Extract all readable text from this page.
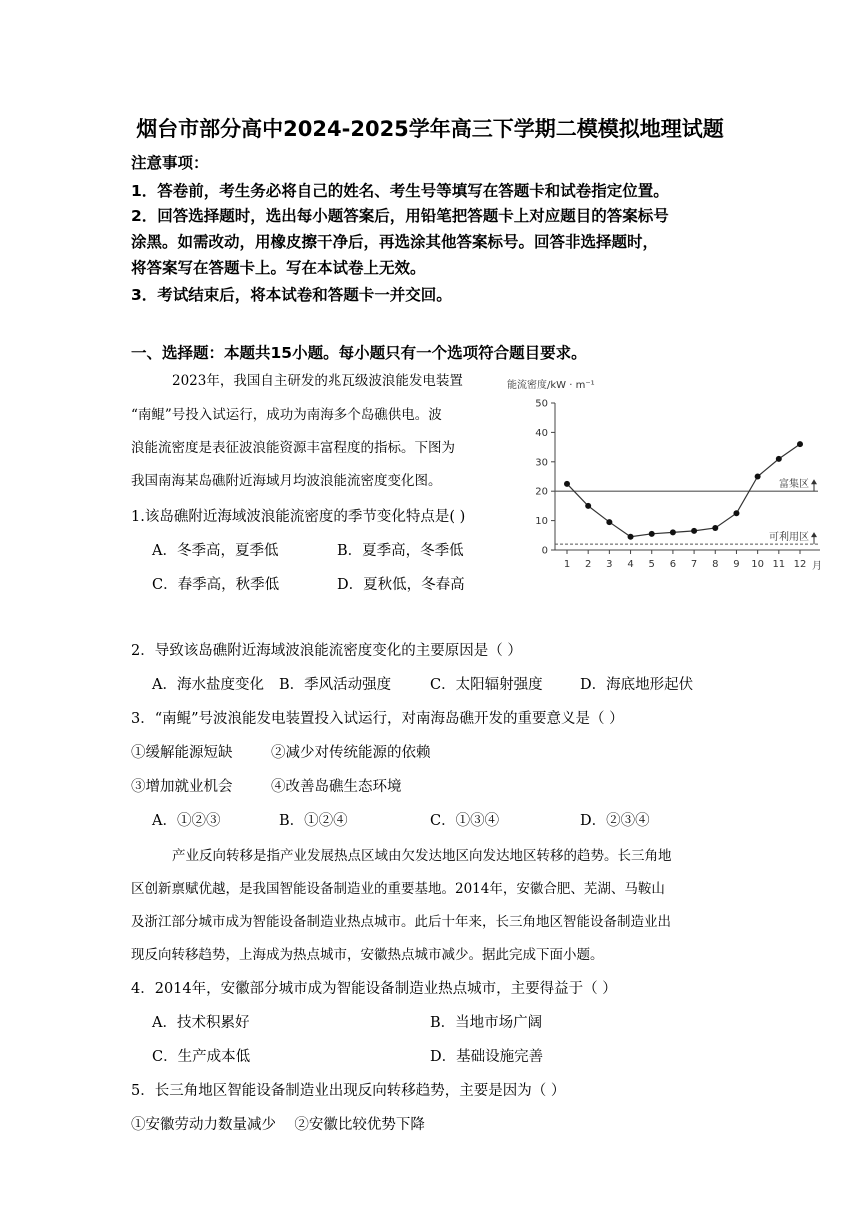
烟台市部分高中2024-2025学年高三下学期二模模拟地理试题
注意事项：
1．答卷前，考生务必将自己的姓名、考生号等填写在答题卡和试卷指定位置。
2．回答选择题时，选出每小题答案后，用铅笔把答题卡上对应题目的答案标号
涂黑。如需改动，用橡皮擦干净后，再选涂其他答案标号。回答非选择题时，
将答案写在答题卡上。写在本试卷上无效。
3．考试结束后，将本试卷和答题卡一并交回。
一、选择题：本题共15小题。每小题只有一个选项符合题目要求。
2023年，我国自主研发的兆瓦级波浪能发电装置
“南鲲”号投入试运行，成功为南海多个岛礁供电。波
浪能流密度是表征波浪能资源丰富程度的指标。下图为
我国南海某岛礁附近海域月均波浪能流密度变化图。
1.该岛礁附近海域波浪能流密度的季节变化特点是( )
A．冬季高，夏季低	B．夏季高，冬季低
C．春季高，秋季低	D．夏秋低，冬春高
能流密度/kW · m⁻¹
0
10
20
30
40
50
1 2 3 4 5 6 7 8 9 10 11 12 月
富集区
可利用区
2．导致该岛礁附近海域波浪能流密度变化的主要原因是（ ）
A．海水盐度变化 B．季风活动强度	C．太阳辐射强度	D．海底地形起伏
3．“南鲲”号波浪能发电装置投入试运行，对南海岛礁开发的重要意义是（ ）
①缓解能源短缺	②减少对传统能源的依赖
③增加就业机会	④改善岛礁生态环境
A．①②③	B．①②④	C．①③④	D．②③④
产业反向转移是指产业发展热点区域由欠发达地区向发达地区转移的趋势。长三角地
区创新禀赋优越，是我国智能设备制造业的重要基地。2014年，安徽合肥、芜湖、马鞍山
及浙江部分城市成为智能设备制造业热点城市。此后十年来，长三角地区智能设备制造业出
现反向转移趋势，上海成为热点城市，安徽热点城市减少。据此完成下面小题。
4．2014年，安徽部分城市成为智能设备制造业热点城市，主要得益于（ ）
A．技术积累好	B．当地市场广阔
C．生产成本低	D．基础设施完善
5．长三角地区智能设备制造业出现反向转移趋势，主要是因为（ ）
①安徽劳动力数量减少    ②安徽比较优势下降
